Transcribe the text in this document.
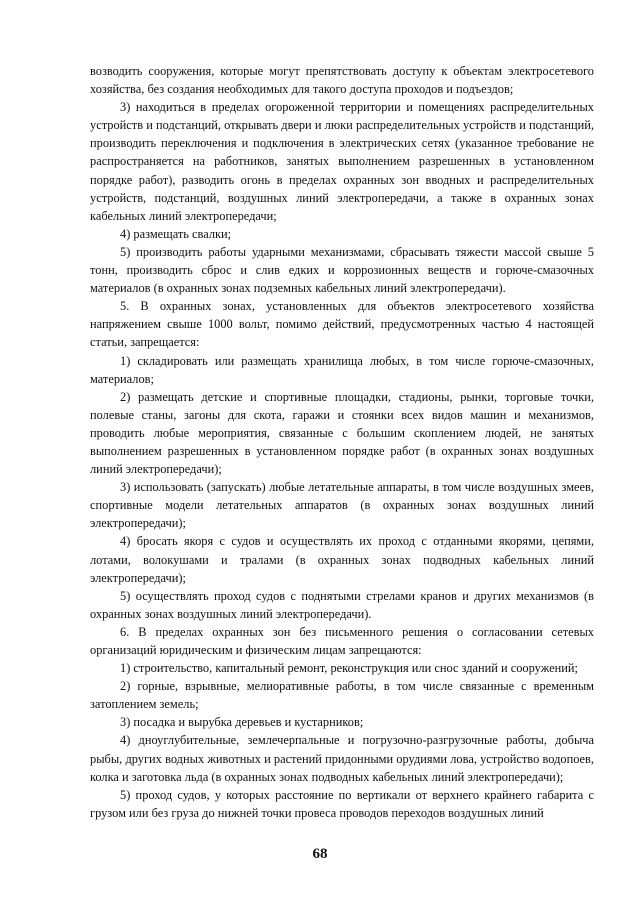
возводить сооружения, которые могут препятствовать доступу к объектам электросетевого хозяйства, без создания необходимых для такого доступа проходов и подъездов;

3) находиться в пределах огороженной территории и помещениях распределительных устройств и подстанций, открывать двери и люки распределительных устройств и подстанций, производить переключения и подключения в электрических сетях (указанное требование не распространяется на работников, занятых выполнением разрешенных в установленном порядке работ), разводить огонь в пределах охранных зон вводных и распределительных устройств, подстанций, воздушных линий электропередачи, а также в охранных зонах кабельных линий электропередачи;

4) размещать свалки;

5) производить работы ударными механизмами, сбрасывать тяжести массой свыше 5 тонн, производить сброс и слив едких и коррозионных веществ и горюче-смазочных материалов (в охранных зонах подземных кабельных линий электропередачи).

5. В охранных зонах, установленных для объектов электросетевого хозяйства напряжением свыше 1000 вольт, помимо действий, предусмотренных частью 4 настоящей статьи, запрещается:

1) складировать или размещать хранилища любых, в том числе горюче-смазочных, материалов;

2) размещать детские и спортивные площадки, стадионы, рынки, торговые точки, полевые станы, загоны для скота, гаражи и стоянки всех видов машин и механизмов, проводить любые мероприятия, связанные с большим скоплением людей, не занятых выполнением разрешенных в установленном порядке работ (в охранных зонах воздушных линий электропередачи);

3) использовать (запускать) любые летательные аппараты, в том числе воздушных змеев, спортивные модели летательных аппаратов (в охранных зонах воздушных линий электропередачи);

4) бросать якоря с судов и осуществлять их проход с отданными якорями, цепями, лотами, волокушами и тралами (в охранных зонах подводных кабельных линий электропередачи);

5) осуществлять проход судов с поднятыми стрелами кранов и других механизмов (в охранных зонах воздушных линий электропередачи).

6. В пределах охранных зон без письменного решения о согласовании сетевых организаций юридическим и физическим лицам запрещаются:

1) строительство, капитальный ремонт, реконструкция или снос зданий и сооружений;

2) горные, взрывные, мелиоративные работы, в том числе связанные с временным затоплением земель;

3) посадка и вырубка деревьев и кустарников;

4) дноуглубительные, землечерпальные и погрузочно-разгрузочные работы, добыча рыбы, других водных животных и растений придонными орудиями лова, устройство водопоев, колка и заготовка льда (в охранных зонах подводных кабельных линий электропередачи);

5) проход судов, у которых расстояние по вертикали от верхнего крайнего габарита с грузом или без груза до нижней точки провеса проводов переходов воздушных линий

68
